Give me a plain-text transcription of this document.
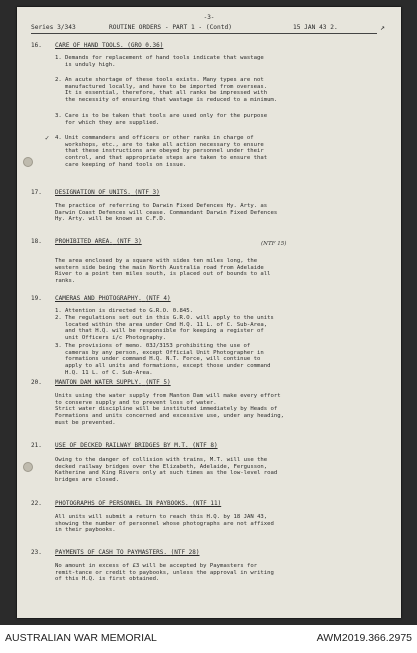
-3-
Series 3/343	ROUTINE ORDERS - PART 1 - (Contd)	15 JAN 43 2.	↗
16. CARE OF HAND TOOLS. (GRO 0.36)
1. Demands for replacement of hand tools indicate that wastage
is unduly high.
2. An acute shortage of these tools exists. Many types are not
manufactured locally, and have to be imported from overseas.
It is essential, therefore, that all ranks be impressed with
the necessity of ensuring that wastage is reduced to a minimum.
3. Care is to be taken that tools are used only for the purpose
for which they are supplied.
✓ 4. Unit commanders and officers or other ranks in charge of
workshops, etc., are to take all action necessary to ensure
that these instructions are obeyed by personnel under their
control, and that appropriate steps are taken to ensure that
care keeping of hand tools on issue.
17. DESIGNATION OF UNITS. (NTF 3)
The practice of referring to Darwin Fixed Defences Hy. Arty. as
Darwin Coast Defences will cease. Commandant Darwin Fixed Defences
Hy. Arty. will be known as C.F.D.
18. PROHIBITED AREA. (NTF 3)	(NTF 15)
The area enclosed by a square with sides ten miles long, the
western side being the main North Australia road from Adelaide
River to a point ten miles south, is placed out of bounds to all
ranks.
19. CAMERAS AND PHOTOGRAPHY. (NTF 4)
1. Attention is directed to G.R.O. 0.845.
2. The regulations set out in this G.R.O. will apply to the units
located within the area under Cmd H.Q. 11 L. of C. Sub-Area,
and that H.Q. will be responsible for keeping a register of
unit Officers i/c Photography.
3. The provisions of memo. 03J/3153 prohibiting the use of
cameras by any person, except Official Unit Photographer in
formations under command H.Q. N.T. Force, will continue to
apply to all units and formations, except those under command
H.Q. 11 L. of C. Sub-Area.
20. MANTON DAM WATER SUPPLY. (NTF 5)
Units using the water supply from Manton Dam will make every effort
to conserve supply and to prevent loss of water.
Strict water discipline will be instituted immediately by Heads of
Formations and units concerned and excessive use, under any heading,
must be prevented.
21. USE OF DECKED RAILWAY BRIDGES BY M.T. (NTF 8)
Owing to the danger of collision with trains, M.T. will use the
decked railway bridges over the Elizabeth, Adelaide, Fergusson,
Katherine and King Rivers only at such times as the low-level road
bridges are closed.
22. PHOTOGRAPHS OF PERSONNEL IN PAYBOOKS. (NTF 11)
All units will submit a return to reach this H.Q. by 18 JAN 43,
showing the number of personnel whose photographs are not affixed
in their paybooks.
23. PAYMENTS OF CASH TO PAYMASTERS. (NTF 28)
No amount in excess of £3 will be accepted by Paymasters for
remit-tance or credit to paybooks, unless the approval in writing
of this H.Q. is first obtained.
AUSTRALIAN WAR MEMORIAL	AWM2019.366.2975
